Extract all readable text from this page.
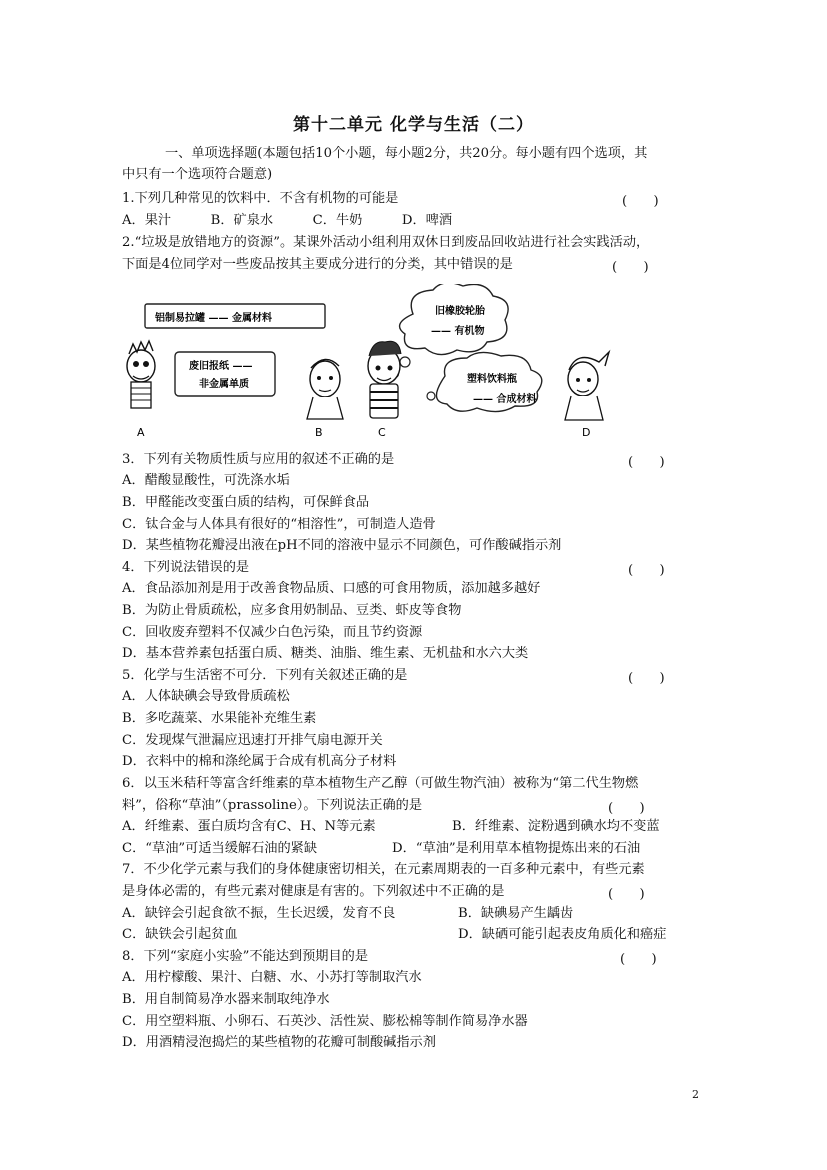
第十二单元 化学与生活（二）
一、单项选择题(本题包括10个小题，每小题2分，共20分。每小题有四个选项，其
中只有一个选项符合题意)
1.下列几种常见的饮料中．不含有机物的可能是	(　　)
A．果汁　　　B．矿泉水　　　C．牛奶　　　D．啤酒
2.“垃圾是放错地方的资源”。某课外活动小组利用双休日到废品回收站进行社会实践活动，
下面是4位同学对一些废品按其主要成分进行的分类，其中错误的是	(　　)
铝制易拉罐 —— 金属材料
废旧报纸 ——
非金属单质
旧橡胶轮胎
—— 有机物
塑料饮料瓶
—— 合成材料
A	B	C	D
3．下列有关物质性质与应用的叙述不正确的是	(　　)
A．醋酸显酸性，可洗涤水垢
B．甲醛能改变蛋白质的结构，可保鲜食品
C．钛合金与人体具有很好的“相溶性”，可制造人造骨
D．某些植物花瓣浸出液在pH不同的溶液中显示不同颜色，可作酸碱指示剂
4．下列说法错误的是	(　　)
A．食品添加剂是用于改善食物品质、口感的可食用物质，添加越多越好
B．为防止骨质疏松，应多食用奶制品、豆类、虾皮等食物
C．回收废弃塑料不仅减少白色污染，而且节约资源
D．基本营养素包括蛋白质、糖类、油脂、维生素、无机盐和水六大类
5．化学与生活密不可分．下列有关叙述正确的是	(　　)
A．人体缺碘会导致骨质疏松
B．多吃蔬菜、水果能补充维生素
C．发现煤气泄漏应迅速打开排气扇电源开关
D．衣料中的棉和涤纶属于合成有机高分子材料
6．以玉米秸秆等富含纤维素的草本植物生产乙醇（可做生物汽油）被称为“第二代生物燃
料”，俗称“草油”（prassoline）。下列说法正确的是	(　　)
A．纤维素、蛋白质均含有C、H、N等元素	B．纤维素、淀粉遇到碘水均不变蓝
C．“草油”可适当缓解石油的紧缺	D．“草油”是利用草本植物提炼出来的石油
7．不少化学元素与我们的身体健康密切相关，在元素周期表的一百多种元素中，有些元素
是身体必需的，有些元素对健康是有害的。下列叙述中不正确的是	(　　)
A．缺锌会引起食欲不振，生长迟缓，发育不良	B．缺碘易产生龋齿
C．缺铁会引起贫血	D．缺硒可能引起表皮角质化和癌症
8．下列“家庭小实验”不能达到预期目的是	(　　)
A．用柠檬酸、果汁、白糖、水、小苏打等制取汽水
B．用自制简易净水器来制取纯净水
C．用空塑料瓶、小卵石、石英沙、活性炭、膨松棉等制作简易净水器
D．用酒精浸泡捣烂的某些植物的花瓣可制酸碱指示剂
2
